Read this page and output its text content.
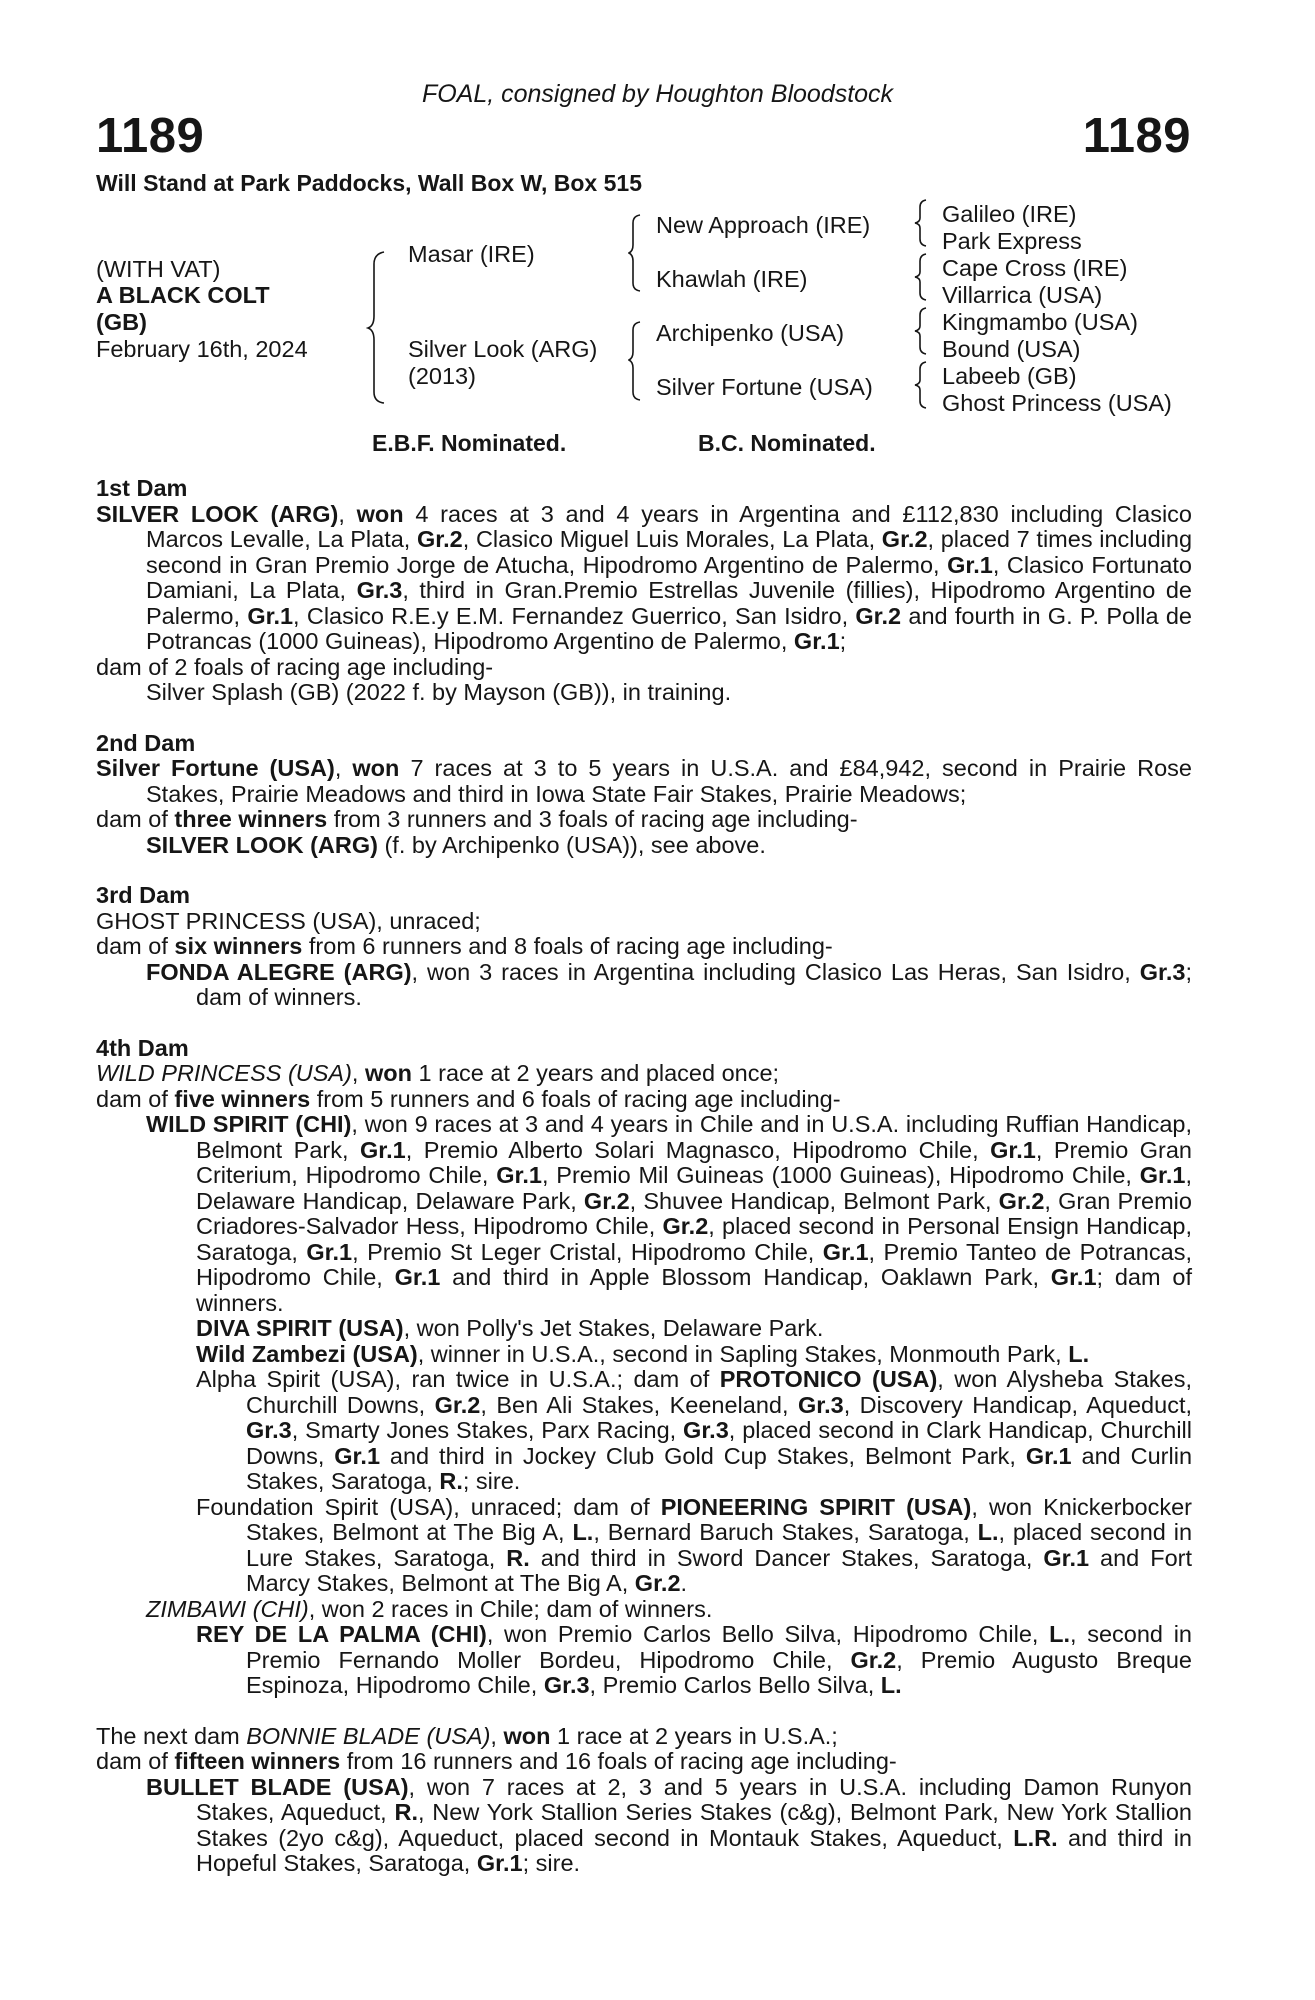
FOAL, consigned by Houghton Bloodstock
1189	1189
Will Stand at Park Paddocks, Wall Box W, Box 515
(WITH VAT)
A BLACK COLT
(GB)
February 16th, 2024
Masar (IRE)
Silver Look (ARG)
(2013)
New Approach (IRE)
Khawlah (IRE)
Archipenko (USA)
Silver Fortune (USA)
Galileo (IRE)
Park Express
Cape Cross (IRE)
Villarrica (USA)
Kingmambo (USA)
Bound (USA)
Labeeb (GB)
Ghost Princess (USA)
E.B.F. Nominated.	B.C. Nominated.
1st Dam
SILVER LOOK (ARG), won 4 races at 3 and 4 years in Argentina and £112,830 including Clasico Marcos Levalle, La Plata, Gr.2, Clasico Miguel Luis Morales, La Plata, Gr.2, placed 7 times including second in Gran Premio Jorge de Atucha, Hipodromo Argentino de Palermo, Gr.1, Clasico Fortunato Damiani, La Plata, Gr.3, third in Gran.Premio Estrellas Juvenile (fillies), Hipodromo Argentino de Palermo, Gr.1, Clasico R.E.y E.M. Fernandez Guerrico, San Isidro, Gr.2 and fourth in G. P. Polla de Potrancas (1000 Guineas), Hipodromo Argentino de Palermo, Gr.1;
dam of 2 foals of racing age including-
Silver Splash (GB) (2022 f. by Mayson (GB)), in training.
2nd Dam
Silver Fortune (USA), won 7 races at 3 to 5 years in U.S.A. and £84,942, second in Prairie Rose Stakes, Prairie Meadows and third in Iowa State Fair Stakes, Prairie Meadows;
dam of three winners from 3 runners and 3 foals of racing age including-
SILVER LOOK (ARG) (f. by Archipenko (USA)), see above.
3rd Dam
GHOST PRINCESS (USA), unraced;
dam of six winners from 6 runners and 8 foals of racing age including-
FONDA ALEGRE (ARG), won 3 races in Argentina including Clasico Las Heras, San Isidro, Gr.3; dam of winners.
4th Dam
WILD PRINCESS (USA), won 1 race at 2 years and placed once;
dam of five winners from 5 runners and 6 foals of racing age including-
WILD SPIRIT (CHI), won 9 races at 3 and 4 years in Chile and in U.S.A. including Ruffian Handicap, Belmont Park, Gr.1, Premio Alberto Solari Magnasco, Hipodromo Chile, Gr.1, Premio Gran Criterium, Hipodromo Chile, Gr.1, Premio Mil Guineas (1000 Guineas), Hipodromo Chile, Gr.1, Delaware Handicap, Delaware Park, Gr.2, Shuvee Handicap, Belmont Park, Gr.2, Gran Premio Criadores-Salvador Hess, Hipodromo Chile, Gr.2, placed second in Personal Ensign Handicap, Saratoga, Gr.1, Premio St Leger Cristal, Hipodromo Chile, Gr.1, Premio Tanteo de Potrancas, Hipodromo Chile, Gr.1 and third in Apple Blossom Handicap, Oaklawn Park, Gr.1; dam of winners.
DIVA SPIRIT (USA), won Polly's Jet Stakes, Delaware Park.
Wild Zambezi (USA), winner in U.S.A., second in Sapling Stakes, Monmouth Park, L.
Alpha Spirit (USA), ran twice in U.S.A.; dam of PROTONICO (USA), won Alysheba Stakes, Churchill Downs, Gr.2, Ben Ali Stakes, Keeneland, Gr.3, Discovery Handicap, Aqueduct, Gr.3, Smarty Jones Stakes, Parx Racing, Gr.3, placed second in Clark Handicap, Churchill Downs, Gr.1 and third in Jockey Club Gold Cup Stakes, Belmont Park, Gr.1 and Curlin Stakes, Saratoga, R.; sire.
Foundation Spirit (USA), unraced; dam of PIONEERING SPIRIT (USA), won Knickerbocker Stakes, Belmont at The Big A, L., Bernard Baruch Stakes, Saratoga, L., placed second in Lure Stakes, Saratoga, R. and third in Sword Dancer Stakes, Saratoga, Gr.1 and Fort Marcy Stakes, Belmont at The Big A, Gr.2.
ZIMBAWI (CHI), won 2 races in Chile; dam of winners.
REY DE LA PALMA (CHI), won Premio Carlos Bello Silva, Hipodromo Chile, L., second in Premio Fernando Moller Bordeu, Hipodromo Chile, Gr.2, Premio Augusto Breque Espinoza, Hipodromo Chile, Gr.3, Premio Carlos Bello Silva, L.
The next dam BONNIE BLADE (USA), won 1 race at 2 years in U.S.A.;
dam of fifteen winners from 16 runners and 16 foals of racing age including-
BULLET BLADE (USA), won 7 races at 2, 3 and 5 years in U.S.A. including Damon Runyon Stakes, Aqueduct, R., New York Stallion Series Stakes (c&g), Belmont Park, New York Stallion Stakes (2yo c&g), Aqueduct, placed second in Montauk Stakes, Aqueduct, L.R. and third in Hopeful Stakes, Saratoga, Gr.1; sire.
